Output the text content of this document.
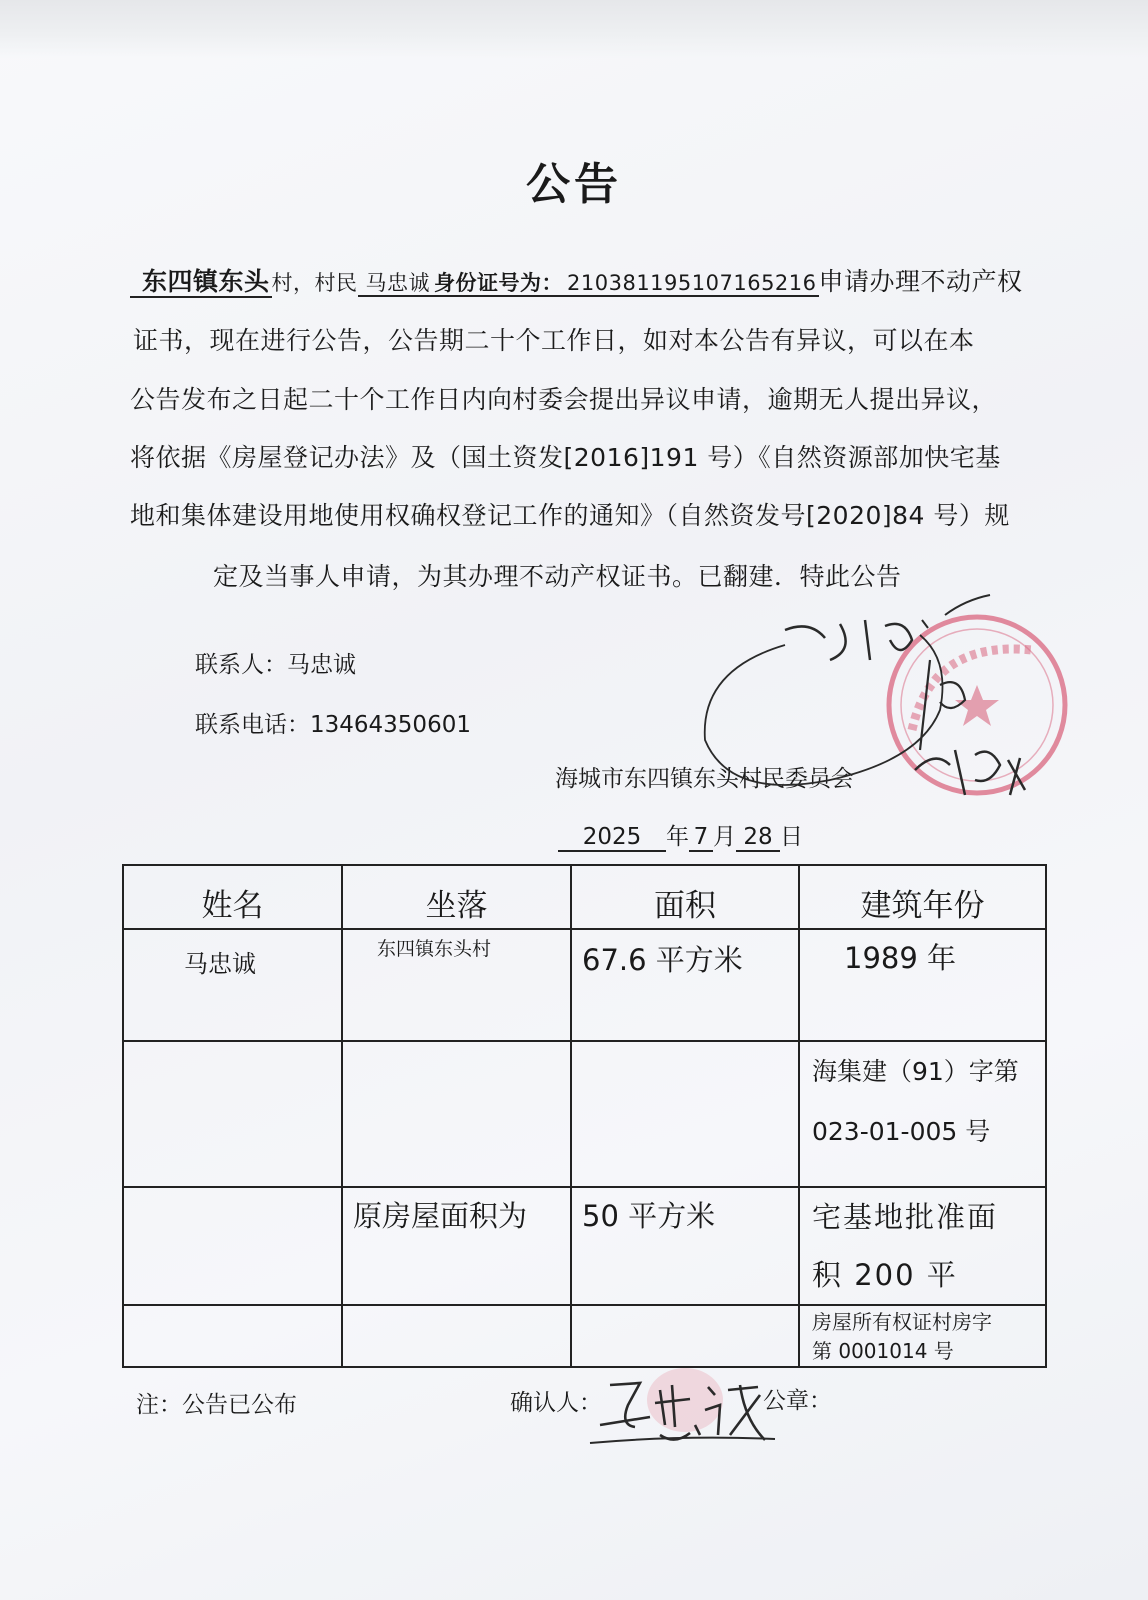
公告
东四镇东头村，村民 马忠诚 身份证号为： 210381195107165216申请办理不动产权
证书，现在进行公告，公告期二十个工作日，如对本公告有异议，可以在本
公告发布之日起二十个工作日内向村委会提出异议申请，逾期无人提出异议，
将依据《房屋登记办法》及（国土资发[2016]191 号）《自然资源部加快宅基
地和集体建设用地使用权确权登记工作的通知》（自然资发号[2020]84 号）规
定及当事人申请，为其办理不动产权证书。已翻建．特此公告
联系人：马忠诚
联系电话：13464350601
海城市东四镇东头村民委员会
2025 年 7 月 28 日
姓名	坐落	面积	建筑年份
马忠诚	东四镇东头村	67.6 平方米	1989 年

			海集建（91）字第
023-01-005 号

	原房屋面积为	50 平方米	宅基地批准面
积 200 平

			房屋所有权证村房字
第 0001014 号
注：公告已公布	确认人：	公章：
